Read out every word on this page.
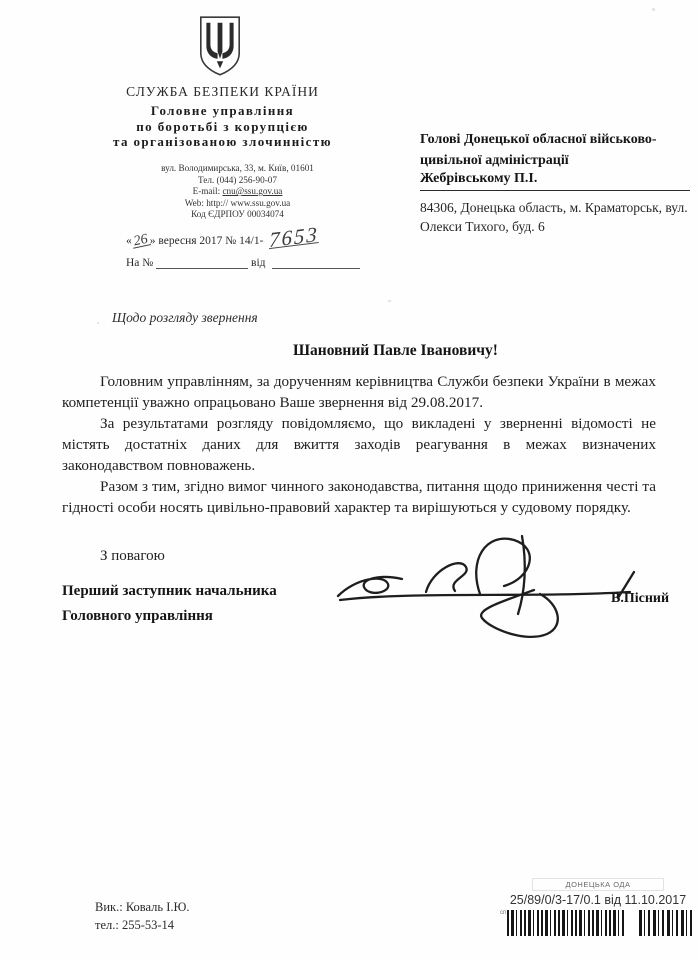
СЛУЖБА БЕЗПЕКИ КРАЇНИ
Головне управління
по боротьбі з корупцією
та організованою злочинністю
вул. Володимирська, 33, м. Київ, 01601
Тел. (044) 256-90-07
E-mail: cnu@ssu.gov.ua
Web: http:// www.ssu.gov.ua
Код ЄДРПОУ 00034074
«26» вересня 2017 № 14/1- 7653
На №	від
Голові Донецької обласної військово-
цивільної адміністрації
Жебрівському П.І.
84306, Донецька область, м. Краматорськ, вул.
Олекси Тихого, буд. 6
Щодо розгляду звернення
Шановний Павле Івановичу!

Головним управлінням, за дорученням керівництва Служби безпеки України в межах компетенції уважно опрацьовано Ваше звернення від 29.08.2017.

За результатами розгляду повідомляємо, що викладені у зверненні відомості не містять достатніх даних для вжиття заходів реагування в межах визначених законодавством повноважень.

Разом з тим, згідно вимог чинного законодавства, питання щодо приниження честі та гідності особи носять цивільно-правовий характер та вирішуються у судовому порядку.

З повагою
Перший заступник начальника
Головного управління
В.Пісний
Вик.: Коваль І.Ю.
тел.: 255-53-14
ДОНЕЦЬКА ОДА
25/89/0/3-17/0.1 від 11.10.2017
сп
